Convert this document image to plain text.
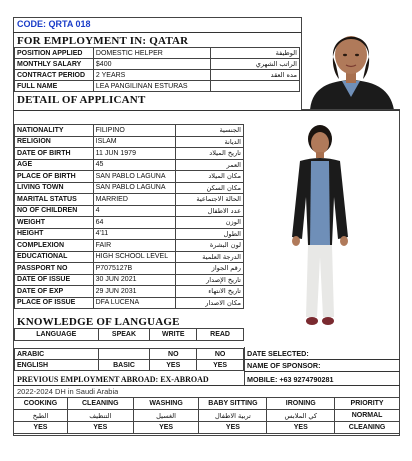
CODE: QRTA 018
FOR EMPLOYMENT IN: QATAR
POSITION APPLIED	DOMESTIC HELPER	الوظيفة
MONTHLY SALARY	$400	الراتب الشهري
CONTRACT PERIOD	2 YEARS	مده العقد
FULL NAME	LEA PANGILINAN ESTURAS	
DETAIL OF APPLICANT
NATIONALITY	FILIPINO	الجنسية
RELIGION	ISLAM	الديانة
DATE OF BIRTH	11 JUN 1979	تاريخ الميلاد
AGE	45	العمر
PLACE OF BIRTH	SAN PABLO LAGUNA	مكان الميلاد
LIVING TOWN	SAN PABLO LAGUNA	مكان السكن
MARITAL STATUS	MARRIED	الحالة الاجتماعية
NO OF CHILDREN	4	عدد الاطفال
WEIGHT	64	الوزن
HEIGHT	4'11	الطول
COMPLEXION	FAIR	لون البشرة
EDUCATIONAL	HIGH SCHOOL LEVEL	الدرجة العلمية
PASSPORT NO	P7075127B	رقم الجواز
DATE OF ISSUE	30 JUN 2021	تاريخ الإصدار
DATE OF EXP	29 JUN 2031	تاريخ الانتهاء
PLACE OF ISSUE	DFA LUCENA	مكان الاصدار
KNOWLEDGE OF LANGUAGE
LANGUAGE	SPEAK	WRITE	READ

ARABIC		NO	NO
ENGLISH	BASIC	YES	YES
DATE SELECTED:
NAME OF SPONSOR:
MOBILE: +63 9274790281
PREVIOUS EMPLOYMENT ABROAD: EX-ABROAD
2022-2024 DH in Saudi Arabia
COOKING	CLEANING	WASHING	BABY SITTING	IRONING	PRIORITY
الطبخ	التنظيف	الغسيل	تربية الاطفال	كي الملابس	NORMAL
YES	YES	YES	YES	YES	CLEANING
